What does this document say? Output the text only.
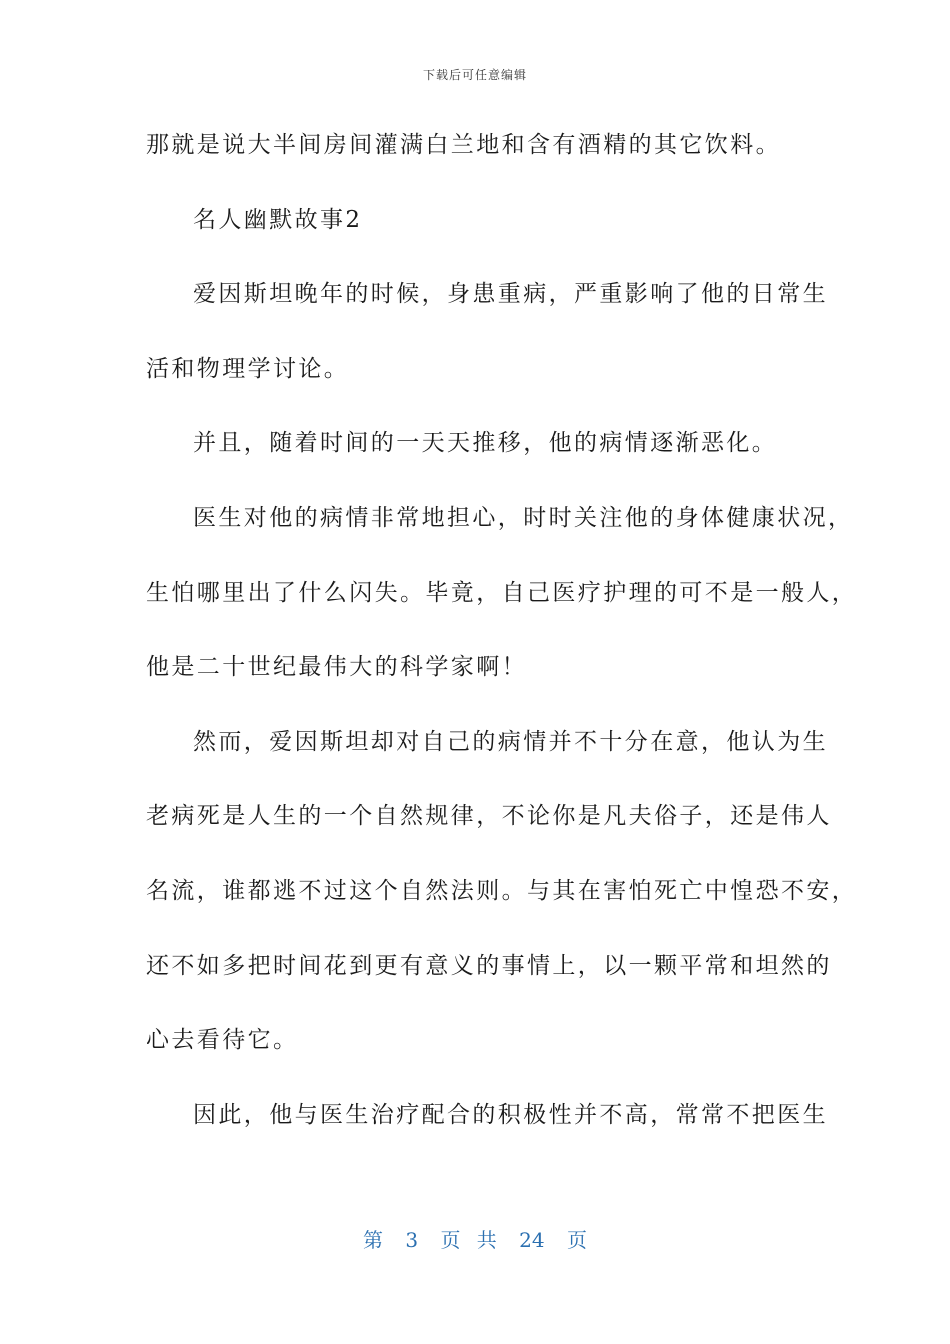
下载后可任意编辑
那就是说大半间房间灌满白兰地和含有酒精的其它饮料。
名人幽默故事2
爱因斯坦晚年的时候，身患重病，严重影响了他的日常生
活和物理学讨论。
并且，随着时间的一天天推移，他的病情逐渐恶化。
医生对他的病情非常地担心，时时关注他的身体健康状况，
生怕哪里出了什么闪失。毕竟，自己医疗护理的可不是一般人，
他是二十世纪最伟大的科学家啊！
然而，爱因斯坦却对自己的病情并不十分在意，他认为生
老病死是人生的一个自然规律，不论你是凡夫俗子，还是伟人
名流，谁都逃不过这个自然法则。与其在害怕死亡中惶恐不安，
还不如多把时间花到更有意义的事情上，以一颗平常和坦然的
心去看待它。
因此，他与医生治疗配合的积极性并不高，常常不把医生
第 3 页 共 24 页
